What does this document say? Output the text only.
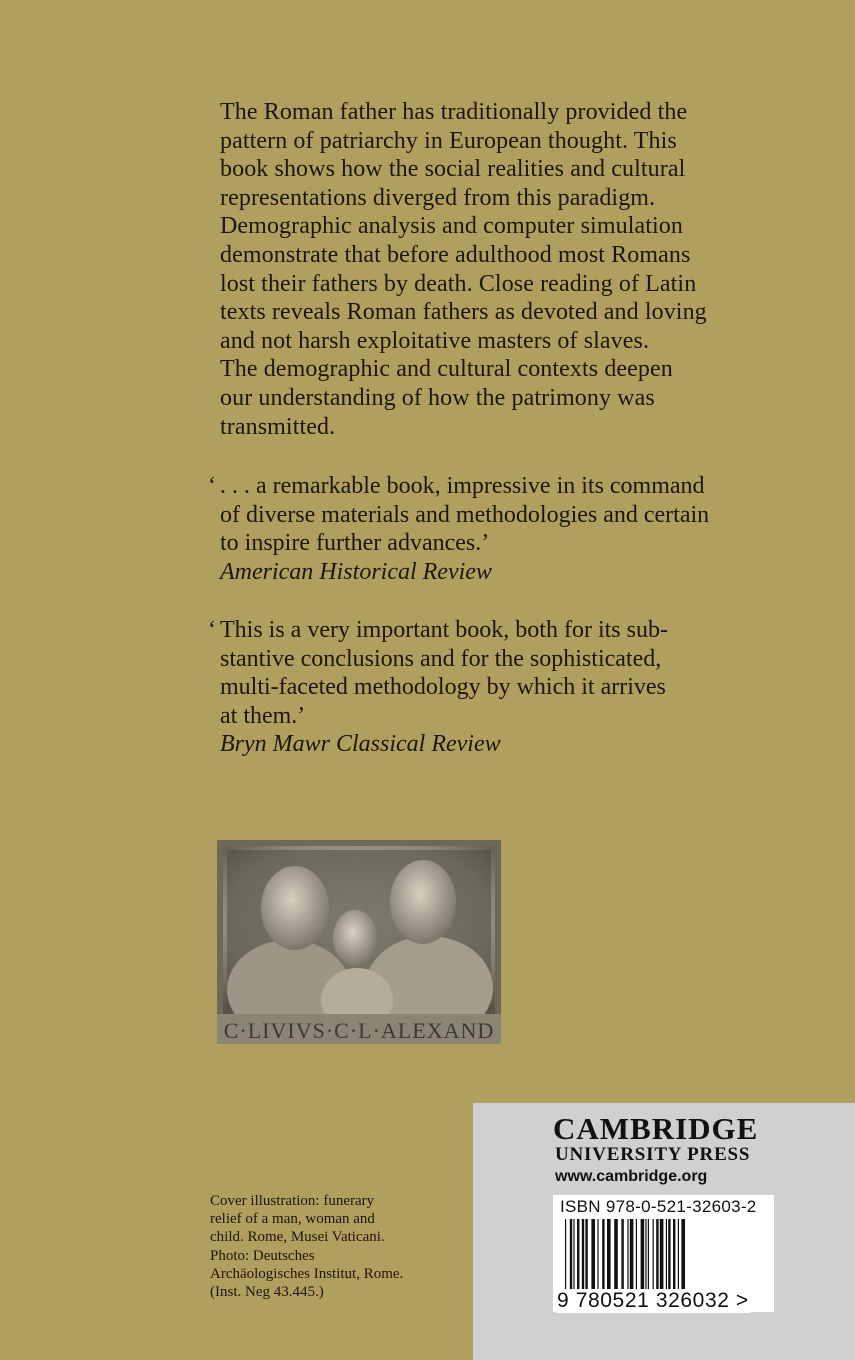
The Roman father has traditionally provided the

pattern of patriarchy in European thought. This

book shows how the social realities and cultural

representations diverged from this paradigm.

Demographic analysis and computer simulation

demonstrate that before adulthood most Romans

lost their fathers by death. Close reading of Latin

texts reveals Roman fathers as devoted and loving

and not harsh exploitative masters of slaves.

The demographic and cultural contexts deepen

our understanding of how the patrimony was

transmitted.

‘ . . . a remarkable book, impressive in its command

of diverse materials and methodologies and certain

to inspire further advances.’

American Historical Review

‘ This is a very important book, both for its sub-

stantive conclusions and for the sophisticated,

multi-faceted methodology by which it arrives

at them.’

Bryn Mawr Classical Review

C·LIVIVS·C·L·ALEXAND
Cover illustration: funerary
relief of a man, woman and
child. Rome, Musei Vaticani.
Photo: Deutsches
Archäologisches Institut, Rome.
(Inst. Neg 43.445.)
CAMBRIDGE
UNIVERSITY PRESS
www.cambridge.org
ISBN 978-0-521-32603-2
9 780521 326032 >
